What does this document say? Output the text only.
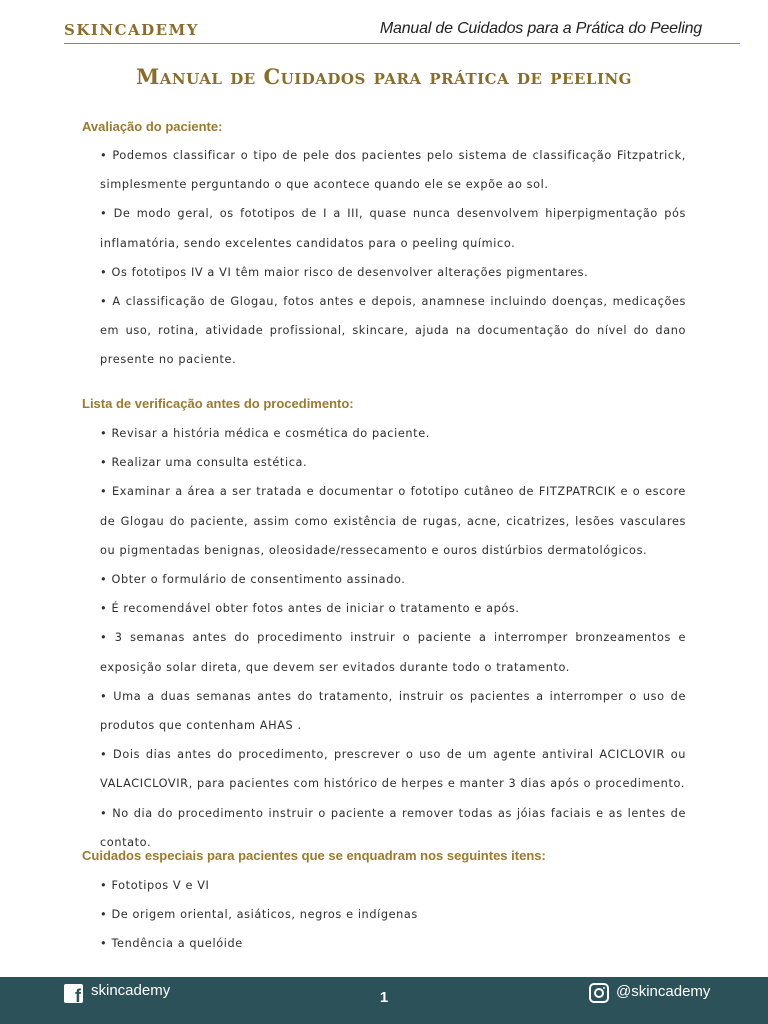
SKINCADEMY	Manual de Cuidados para a Prática do Peeling
Manual de Cuidados para prática de peeling
Avaliação do paciente:
• Podemos classificar o tipo de pele dos pacientes pelo sistema de classificação Fitzpatrick, simplesmente perguntando o que acontece quando ele se expõe ao sol.
• De modo geral, os fototipos de I a III, quase nunca desenvolvem hiperpigmentação pós inflamatória, sendo excelentes candidatos para o peeling químico.
• Os fototipos IV a VI têm maior risco de desenvolver alterações pigmentares.
• A classificação de Glogau, fotos antes e depois, anamnese incluindo doenças, medicações em uso, rotina, atividade profissional, skincare, ajuda na documentação do nível do dano presente no paciente.
Lista de verificação antes do procedimento:
• Revisar a história médica e cosmética do paciente.
• Realizar uma consulta estética.
• Examinar a área a ser tratada e documentar o fototipo cutâneo de FITZPATRCIK e o escore de Glogau do paciente, assim como existência de rugas, acne, cicatrizes, lesões vasculares ou pigmentadas benignas, oleosidade/ressecamento e ouros distúrbios dermatológicos.
• Obter o formulário de consentimento assinado.
• É recomendável obter fotos antes de iniciar o tratamento e após.
• 3 semanas antes do procedimento instruir o paciente a interromper bronzeamentos e exposição solar direta, que devem ser evitados durante todo o tratamento.
• Uma a duas semanas antes do tratamento, instruir os pacientes a interromper o uso de produtos que contenham AHAS .
• Dois dias antes do procedimento, prescrever o uso de um agente antiviral ACICLOVIR ou VALACICLOVIR, para pacientes com histórico de herpes e manter 3 dias após o procedimento.
• No dia do procedimento instruir o paciente a remover todas as jóias faciais e as lentes de contato.
Cuidados especiais para pacientes que se enquadram nos seguintes itens:
• Fototipos V e VI
• De origem oriental, asiáticos, negros e indígenas
• Tendência a quelóide
f skincademy	1	@skincademy
